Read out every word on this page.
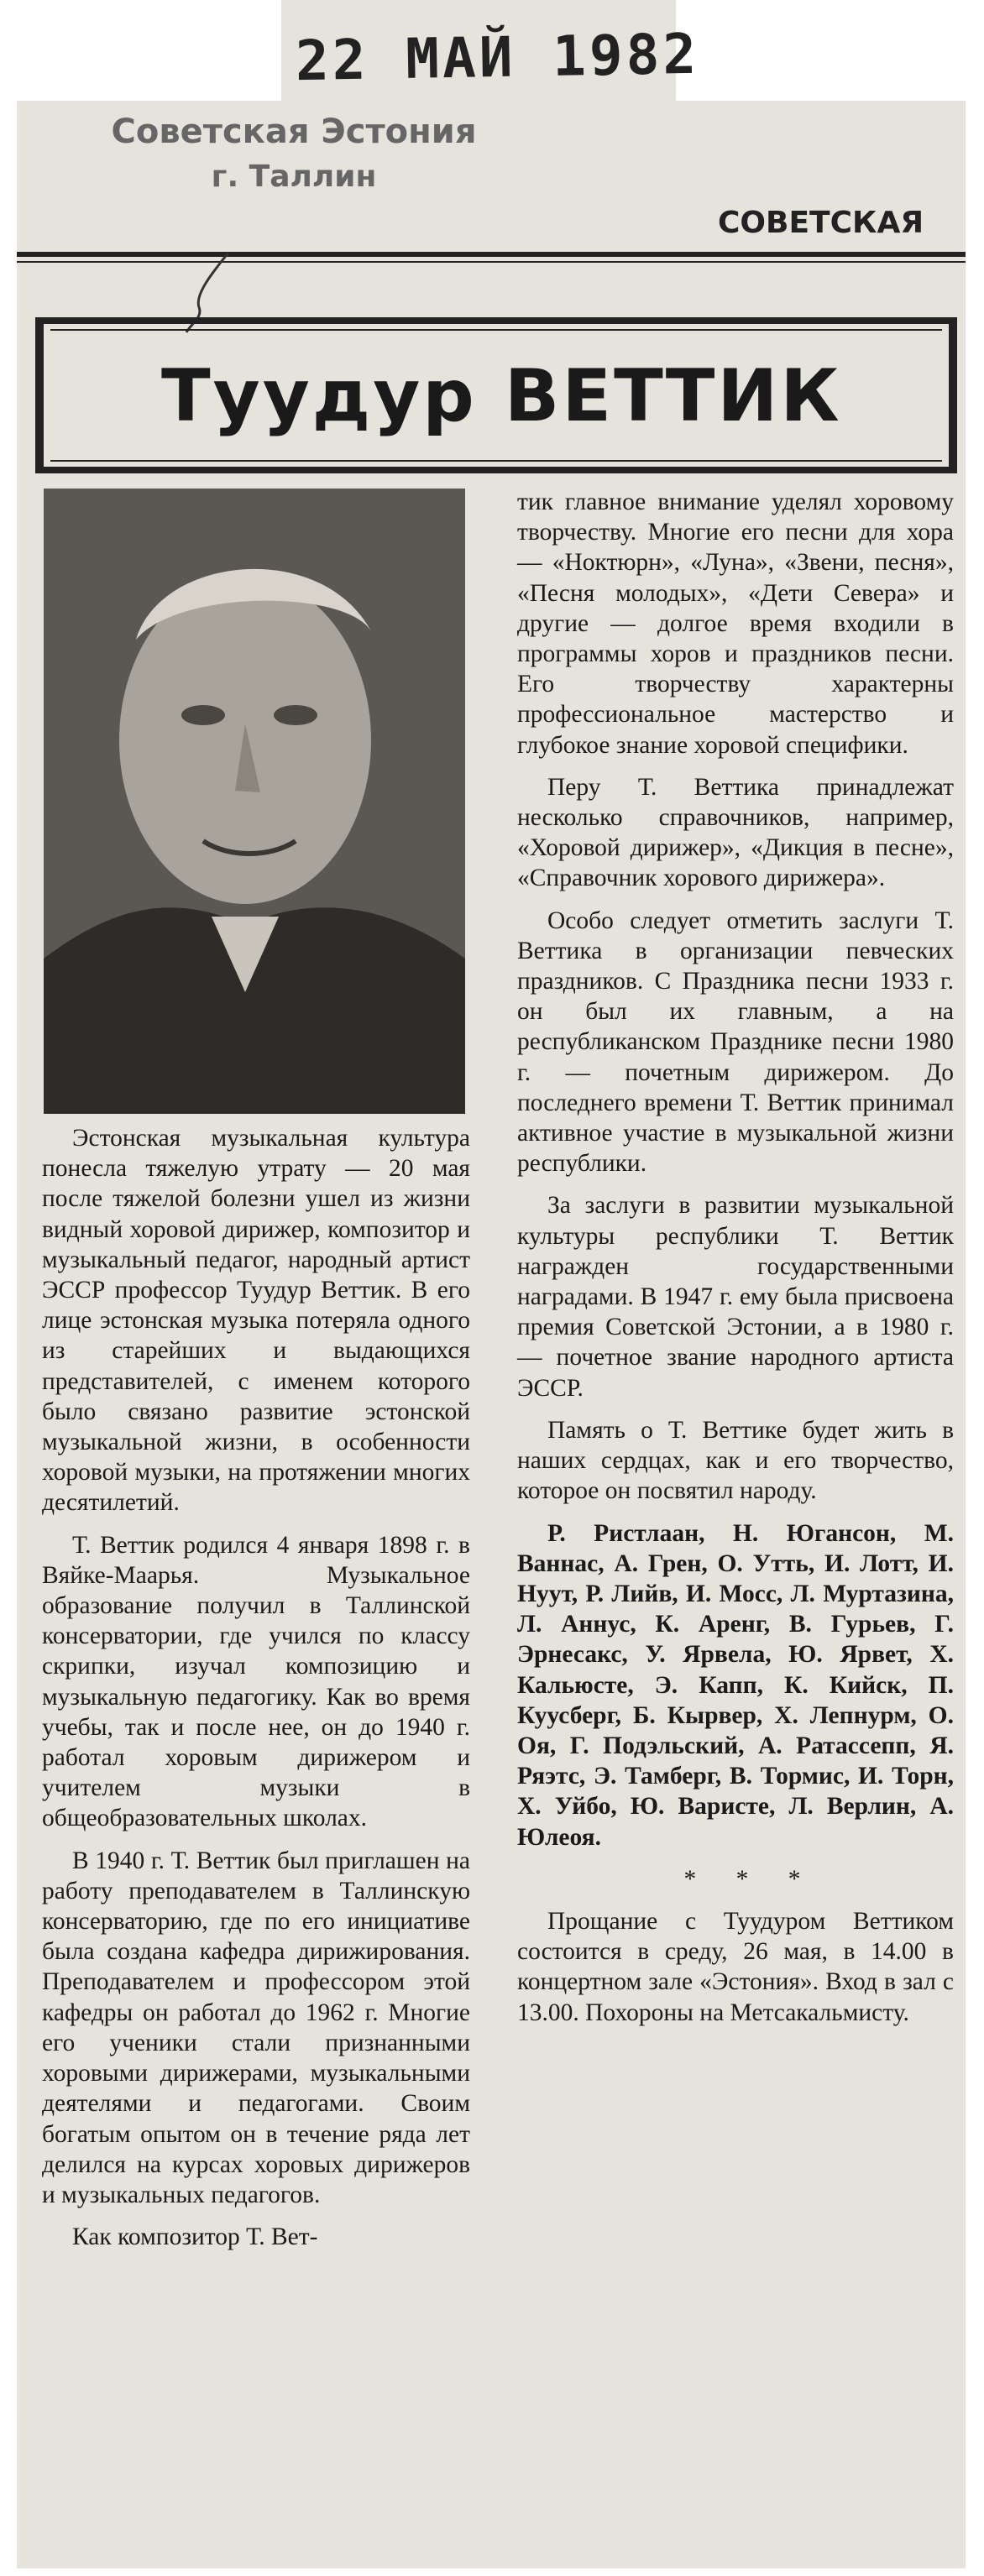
22 МАЙ 1982
Советская Эстония
г. Таллин
СОВЕТСКАЯ
Туудур ВЕТТИК

Эстонская музыкальная культура понесла тяжелую утрату — 20 мая после тяжелой болезни ушел из жизни видный хоровой дирижер, композитор и музыкальный педагог, народный артист ЭССР профессор Туудур Веттик. В его лице эстонская музыка потеряла одного из старейших и выдающихся представителей, с именем которого было связано развитие эстонской музыкальной жизни, в особенности хоровой музыки, на протяжении многих десятилетий.

Т. Веттик родился 4 января 1898 г. в Вяйке-Маарья. Музыкальное образование получил в Таллинской консерватории, где учился по классу скрипки, изучал композицию и музыкальную педагогику. Как во время учебы, так и после нее, он до 1940 г. работал хоровым дирижером и учителем музыки в общеобразовательных школах.

В 1940 г. Т. Веттик был приглашен на работу преподавателем в Таллинскую консерваторию, где по его инициативе была создана кафедра дирижирования. Преподавателем и профессором этой кафедры он работал до 1962 г. Многие его ученики стали признанными хоровыми дирижерами, музыкальными деятелями и педагогами. Своим богатым опытом он в течение ряда лет делился на курсах хоровых дирижеров и музыкальных педагогов.

Как композитор Т. Вет-

тик главное внимание уделял хоровому творчеству. Многие его песни для хора — «Ноктюрн», «Луна», «Звени, песня», «Песня молодых», «Дети Севера» и другие — долгое время входили в программы хоров и праздников песни. Его творчеству характерны профессиональное мастерство и глубокое знание хоровой специфики.

Перу Т. Веттика принадлежат несколько справочников, например, «Хоровой дирижер», «Дикция в песне», «Справочник хорового дирижера».

Особо следует отметить заслуги Т. Веттика в организации певческих праздников. С Праздника песни 1933 г. он был их главным, а на республиканском Празднике песни 1980 г. — почетным дирижером. До последнего времени Т. Веттик принимал активное участие в музыкальной жизни республики.

За заслуги в развитии музыкальной культуры республики Т. Веттик награжден государственными наградами. В 1947 г. ему была присвоена премия Советской Эстонии, а в 1980 г. — почетное звание народного артиста ЭССР.

Память о Т. Веттике будет жить в наших сердцах, как и его творчество, которое он посвятил народу.

Р. Ристлаан, Н. Югансон, М. Ваннас, А. Грен, О. Утть, И. Лотт, И. Нуут, Р. Лийв, И. Мосс, Л. Муртазина, Л. Аннус, К. Аренг, В. Гурьев, Г. Эрнесакс, У. Ярвела, Ю. Ярвет, Х. Кальюсте, Э. Капп, К. Кийск, П. Куусберг, Б. Кырвер, Х. Лепнурм, О. Оя, Г. Подэльский, А. Ратассепп, Я. Ряэтс, Э. Тамберг, В. Тормис, И. Торн, Х. Уйбо, Ю. Вариcте, Л. Верлин, А. Юлеоя.

* * *

Прощание с Туудуром Веттиком состоится в среду, 26 мая, в 14.00 в концертном зале «Эстония». Вход в зал с 13.00. Похороны на Метсакальмисту.
